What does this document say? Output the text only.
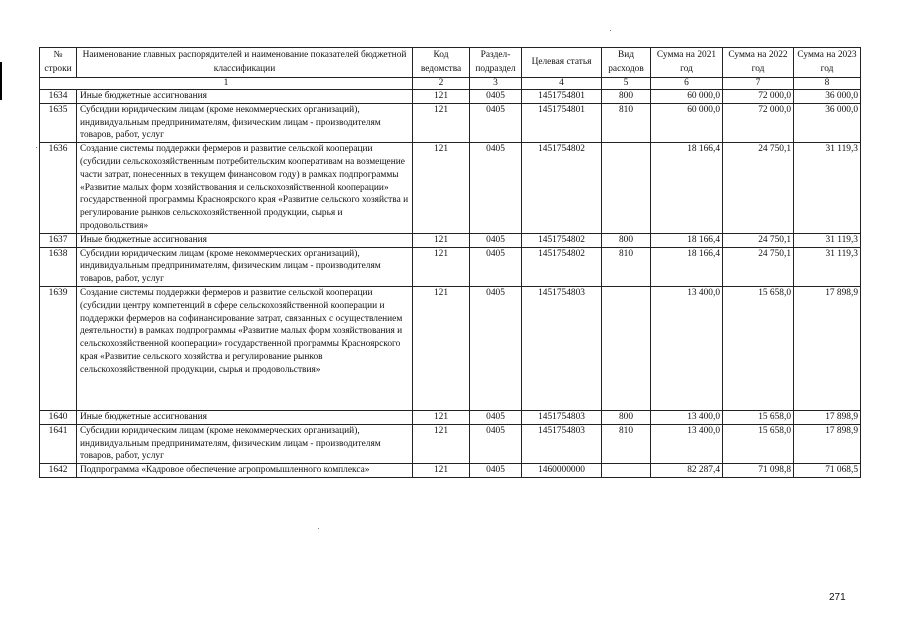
№ строки	Наименование главных распорядителей и наименование показателей бюджетной классификации	Код ведомства	Раздел-подраздел	Целевая статья	Вид расходов	Сумма на 2021 год	Сумма на 2022 год	Сумма на 2023 год
1		2	3	4	5	6	7	8
1634	Иные бюджетные ассигнования	121	0405	1451754801	800	60 000,0	72 000,0	36 000,0
1635	Субсидии юридическим лицам (кроме некоммерческих организаций), индивидуальным предпринимателям, физическим лицам - производителям товаров, работ, услуг	121	0405	1451754801	810	60 000,0	72 000,0	36 000,0
1636	Создание системы поддержки фермеров и развитие сельской кооперации (субсидии сельскохозяйственным потребительским кооперативам на возмещение части затрат, понесенных в текущем финансовом году) в рамках подпрограммы «Развитие малых форм хозяйствования и сельскохозяйственной кооперации» государственной программы Красноярского края «Развитие сельского хозяйства и регулирование рынков сельскохозяйственной продукции, сырья и продовольствия»	121	0405	1451754802		18 166,4	24 750,1	31 119,3
1637	Иные бюджетные ассигнования	121	0405	1451754802	800	18 166,4	24 750,1	31 119,3
1638	Субсидии юридическим лицам (кроме некоммерческих организаций), индивидуальным предпринимателям, физическим лицам - производителям товаров, работ, услуг	121	0405	1451754802	810	18 166,4	24 750,1	31 119,3
1639	Создание системы поддержки фермеров и развитие сельской кооперации (субсидии центру компетенций в сфере сельскохозяйственной кооперации и поддержки фермеров на софинансирование затрат, связанных с осуществлением деятельности) в рамках подпрограммы «Развитие малых форм хозяйствования и сельскохозяйственной кооперации» государственной программы Красноярского края «Развитие сельского хозяйства и регулирование рынков сельскохозяйственной продукции, сырья и продовольствия»	121	0405	1451754803		13 400,0	15 658,0	17 898,9
1640	Иные бюджетные ассигнования	121	0405	1451754803	800	13 400,0	15 658,0	17 898,9
1641	Субсидии юридическим лицам (кроме некоммерческих организаций), индивидуальным предпринимателям, физическим лицам - производителям товаров, работ, услуг	121	0405	1451754803	810	13 400,0	15 658,0	17 898,9
1642	Подпрограмма «Кадровое обеспечение агропромышленного комплекса»	121	0405	1460000000		82 287,4	71 098,8	71 068,5
271
